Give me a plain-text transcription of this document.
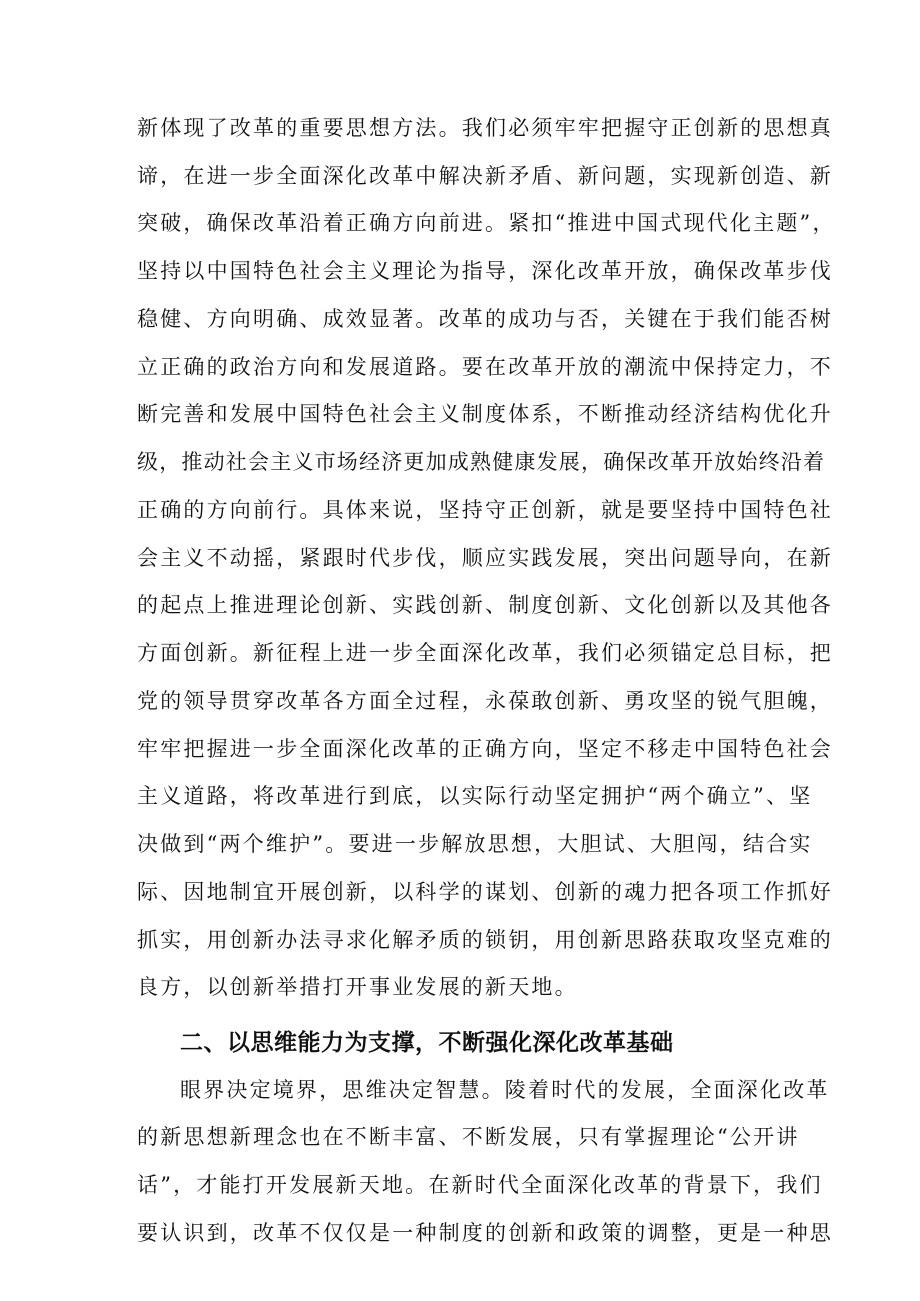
新体现了改革的重要思想方法。我们必须牢牢把握守正创新的思想真
谛，在进一步全面深化改革中解决新矛盾、新问题，实现新创造、新
突破，确保改革沿着正确方向前进。紧扣“推进中国式现代化主题”，
坚持以中国特色社会主义理论为指导，深化改革开放，确保改革步伐
稳健、方向明确、成效显著。改革的成功与否，关键在于我们能否树
立正确的政治方向和发展道路。要在改革开放的潮流中保持定力，不
断完善和发展中国特色社会主义制度体系，不断推动经济结构优化升
级，推动社会主义市场经济更加成熟健康发展，确保改革开放始终沿着
正确的方向前行。具体来说，坚持守正创新，就是要坚持中国特色社
会主义不动摇，紧跟时代步伐，顺应实践发展，突出问题导向，在新
的起点上推进理论创新、实践创新、制度创新、文化创新以及其他各
方面创新。新征程上进一步全面深化改革，我们必须锚定总目标，把
党的领导贯穿改革各方面全过程，永葆敢创新、勇攻坚的锐气胆魄，
牢牢把握进一步全面深化改革的正确方向，坚定不移走中国特色社会
主义道路，将改革进行到底，以实际行动坚定拥护“两个确立”、坚
决做到“两个维护”。要进一步解放思想，大胆试、大胆闯，结合实
际、因地制宜开展创新，以科学的谋划、创新的魂力把各项工作抓好
抓实，用创新办法寻求化解矛质的锁钥，用创新思路获取攻坚克难的
良方，以创新举措打开事业发展的新天地。
二、以思维能力为支撑，不断强化深化改革基础
眼界决定境界，思维决定智慧。陵着时代的发展，全面深化改革
的新思想新理念也在不断丰富、不断发展，只有掌握理论“公开讲
话”，才能打开发展新天地。在新时代全面深化改革的背景下，我们
要认识到，改革不仅仅是一种制度的创新和政策的调整，更是一种思
